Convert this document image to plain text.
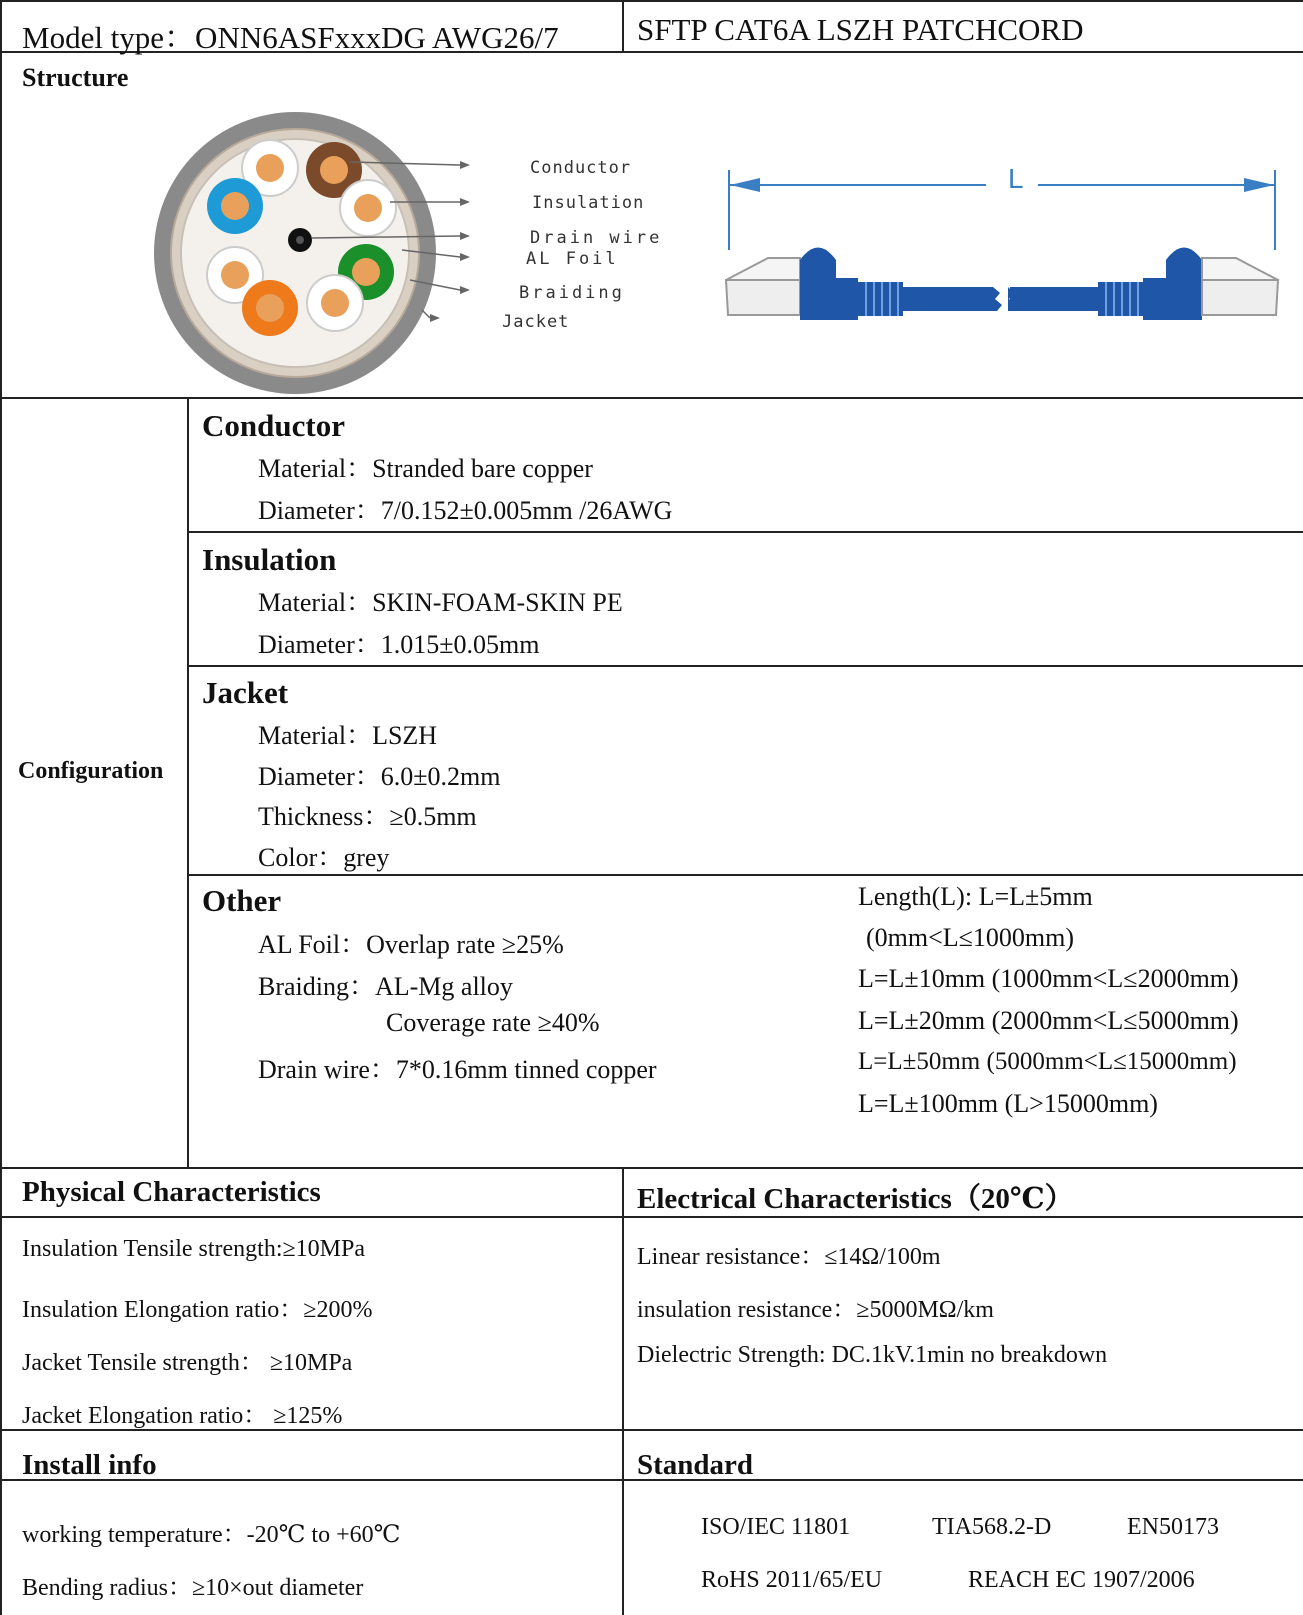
Model type：ONN6ASFxxxDG AWG26/7	SFTP CAT6A LSZH PATCHCORD
Structure
Conductor
Insulation
Drain wire
AL Foil
Braiding
Jacket
L
Configuration
Conductor
Material：Stranded bare copper
Diameter：7/0.152±0.005mm /26AWG
Insulation
Material：SKIN-FOAM-SKIN PE
Diameter：1.015±0.05mm
Jacket
Material：LSZH
Diameter：6.0±0.2mm
Thickness：≥0.5mm
Color：grey
Other
AL Foil：Overlap rate ≥25%
Braiding：AL-Mg alloy
Coverage rate ≥40%
Drain wire：7*0.16mm tinned copper
Length(L): L=L±5mm
(0mm<L≤1000mm)
L=L±10mm (1000mm<L≤2000mm)
L=L±20mm (2000mm<L≤5000mm)
L=L±50mm (5000mm<L≤15000mm)
L=L±100mm (L>15000mm)
Physical Characteristics	Electrical Characteristics（20℃）
Insulation Tensile strength:≥10MPa
Insulation Elongation ratio：≥200%
Jacket Tensile strength： ≥10MPa
Jacket Elongation ratio： ≥125%
Linear resistance：≤14Ω/100m
insulation resistance：≥5000MΩ/km
Dielectric Strength: DC.1kV.1min no breakdown
Install info	Standard
working temperature：-20℃ to +60℃
Bending radius：≥10×out diameter
ISO/IEC 11801	TIA568.2-D	EN50173
RoHS 2011/65/EU	REACH EC 1907/2006
